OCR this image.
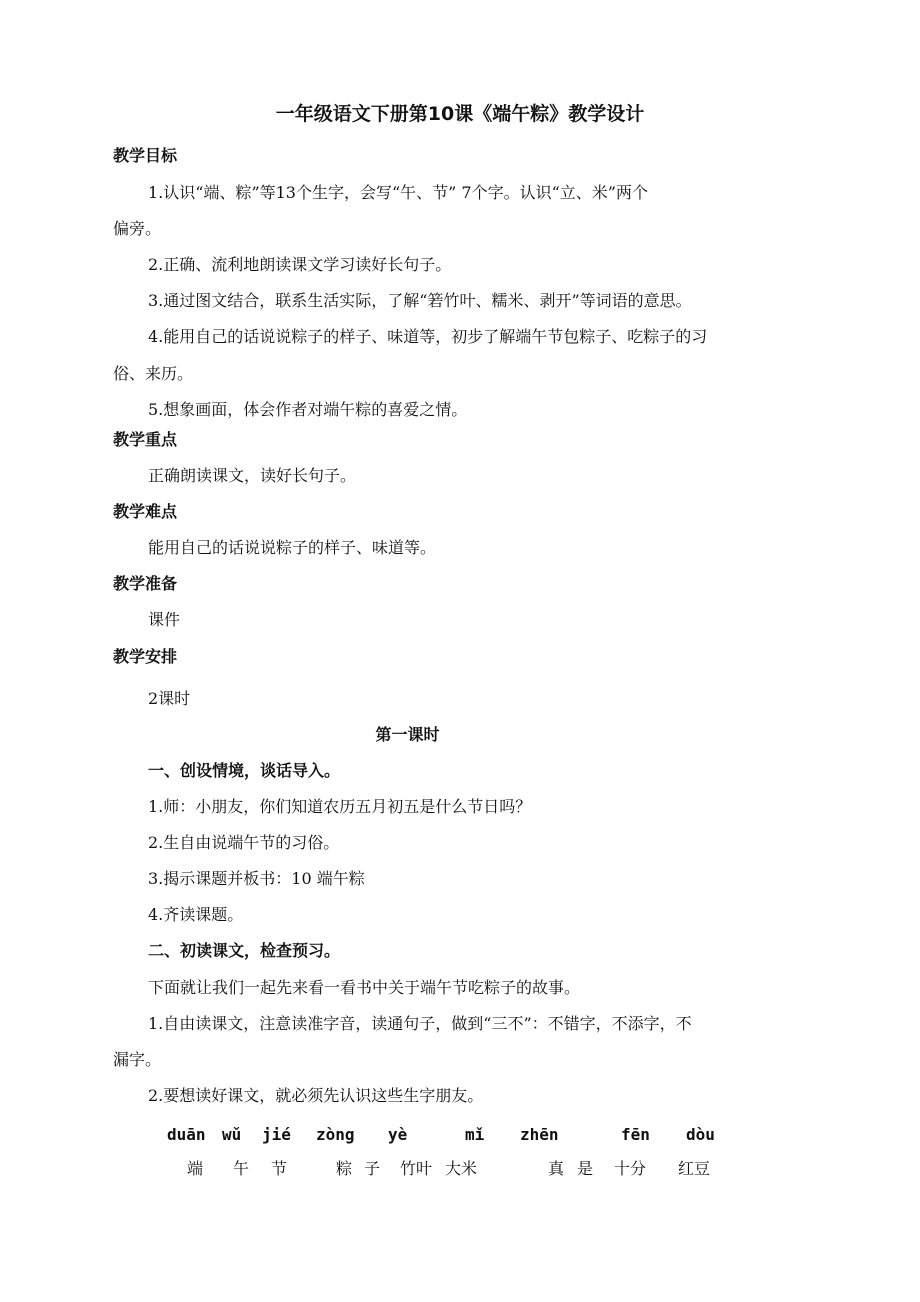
一年级语文下册第10课《端午粽》教学设计
教学目标
1.认识“端、粽”等13个生字，会写“午、节” 7个字。认识“立、米”两个
偏旁。
2.正确、流利地朗读课文学习读好长句子。
3.通过图文结合，联系生活实际，了解“箬竹叶、糯米、剥开”等词语的意思。
4.能用自己的话说说粽子的样子、味道等，初步了解端午节包粽子、吃粽子的习
俗、来历。
5.想象画面，体会作者对端午粽的喜爱之情。
教学重点
正确朗读课文，读好长句子。
教学难点
能用自己的话说说粽子的样子、味道等。
教学准备
课件
教学安排
2课时
第一课时
一、创设情境，谈话导入。
1.师：小朋友，你们知道农历五月初五是什么节日吗？
2.生自由说端午节的习俗。
3.揭示课题并板书：10 端午粽
4.齐读课题。
二、初读课文，检查预习。
下面就让我们一起先来看一看书中关于端午节吃粽子的故事。
1.自由读课文，注意读准字音，读通句子，做到“三不”：不错字，不添字，不
漏字。
2.要想读好课文，就必须先认识这些生字朋友。
duān wǔ jié zòng yè	mǐ zhēn	fēn dòu
端 午 节	粽 子 竹叶 大米	真 是 十分 红豆
